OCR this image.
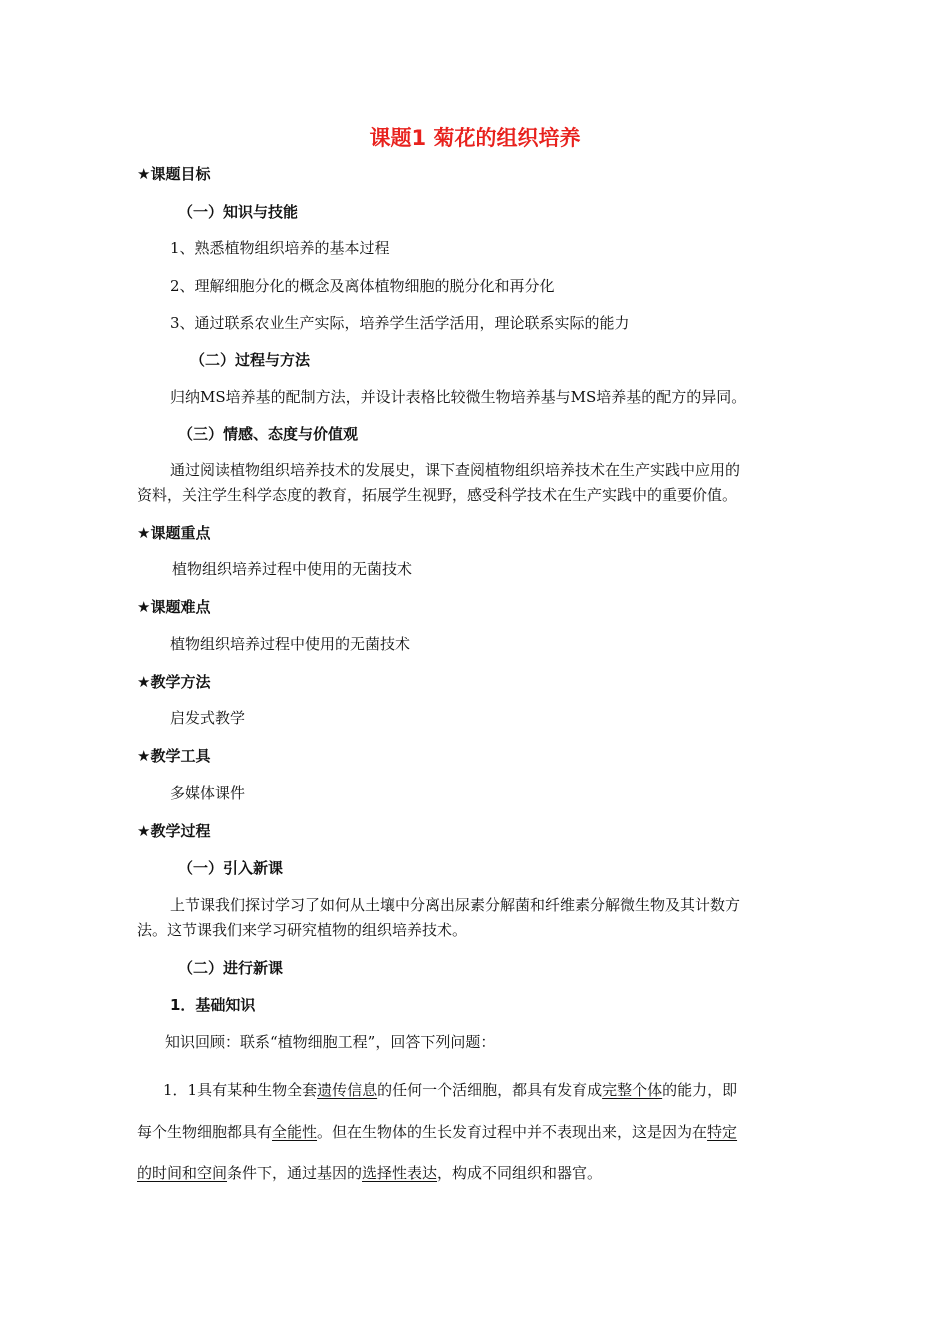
课题1 菊花的组织培养
★课题目标
（一）知识与技能
1、熟悉植物组织培养的基本过程
2、理解细胞分化的概念及离体植物细胞的脱分化和再分化
3、通过联系农业生产实际，培养学生活学活用，理论联系实际的能力
（二）过程与方法
归纳MS培养基的配制方法，并设计表格比较微生物培养基与MS培养基的配方的异同。
（三）情感、态度与价值观
通过阅读植物组织培养技术的发展史，课下查阅植物组织培养技术在生产实践中应用的
资料，关注学生科学态度的教育，拓展学生视野，感受科学技术在生产实践中的重要价值。
★课题重点
植物组织培养过程中使用的无菌技术
★课题难点
植物组织培养过程中使用的无菌技术
★教学方法
启发式教学
★教学工具
多媒体课件
★教学过程
（一）引入新课
上节课我们探讨学习了如何从土壤中分离出尿素分解菌和纤维素分解微生物及其计数方
法。这节课我们来学习研究植物的组织培养技术。
（二）进行新课
1．基础知识
知识回顾：联系“植物细胞工程”，回答下列问题：
1．1具有某种生物全套遗传信息的任何一个活细胞，都具有发育成完整个体的能力，即
每个生物细胞都具有全能性。但在生物体的生长发育过程中并不表现出来，这是因为在特定
的时间和空间条件下，通过基因的选择性表达，构成不同组织和器官。
